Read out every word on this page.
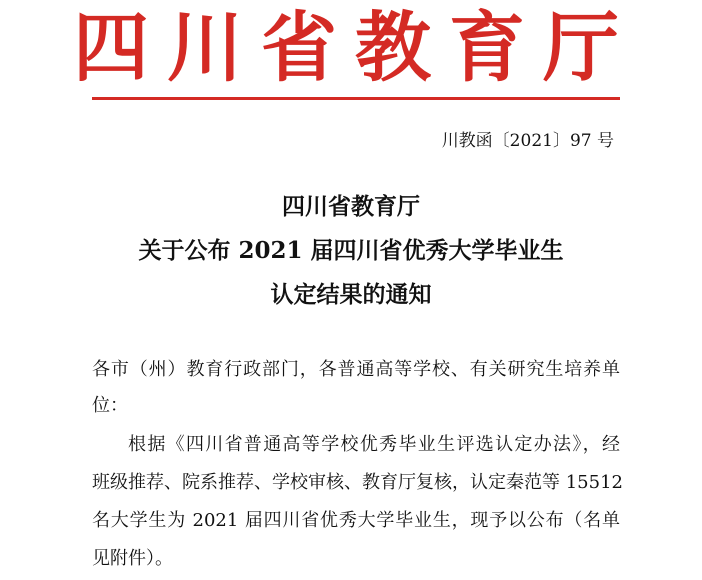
四川省教育厅
川教函〔2021〕97 号
四川省教育厅
关于公布 2021 届四川省优秀大学毕业生
认定结果的通知
各市（州）教育行政部门，各普通高等学校、有关研究生培养单
位：
根据《四川省普通高等学校优秀毕业生评选认定办法》，经
班级推荐、院系推荐、学校审核、教育厅复核，认定秦范等 15512
名大学生为 2021 届四川省优秀大学毕业生，现予以公布（名单
见附件）。
